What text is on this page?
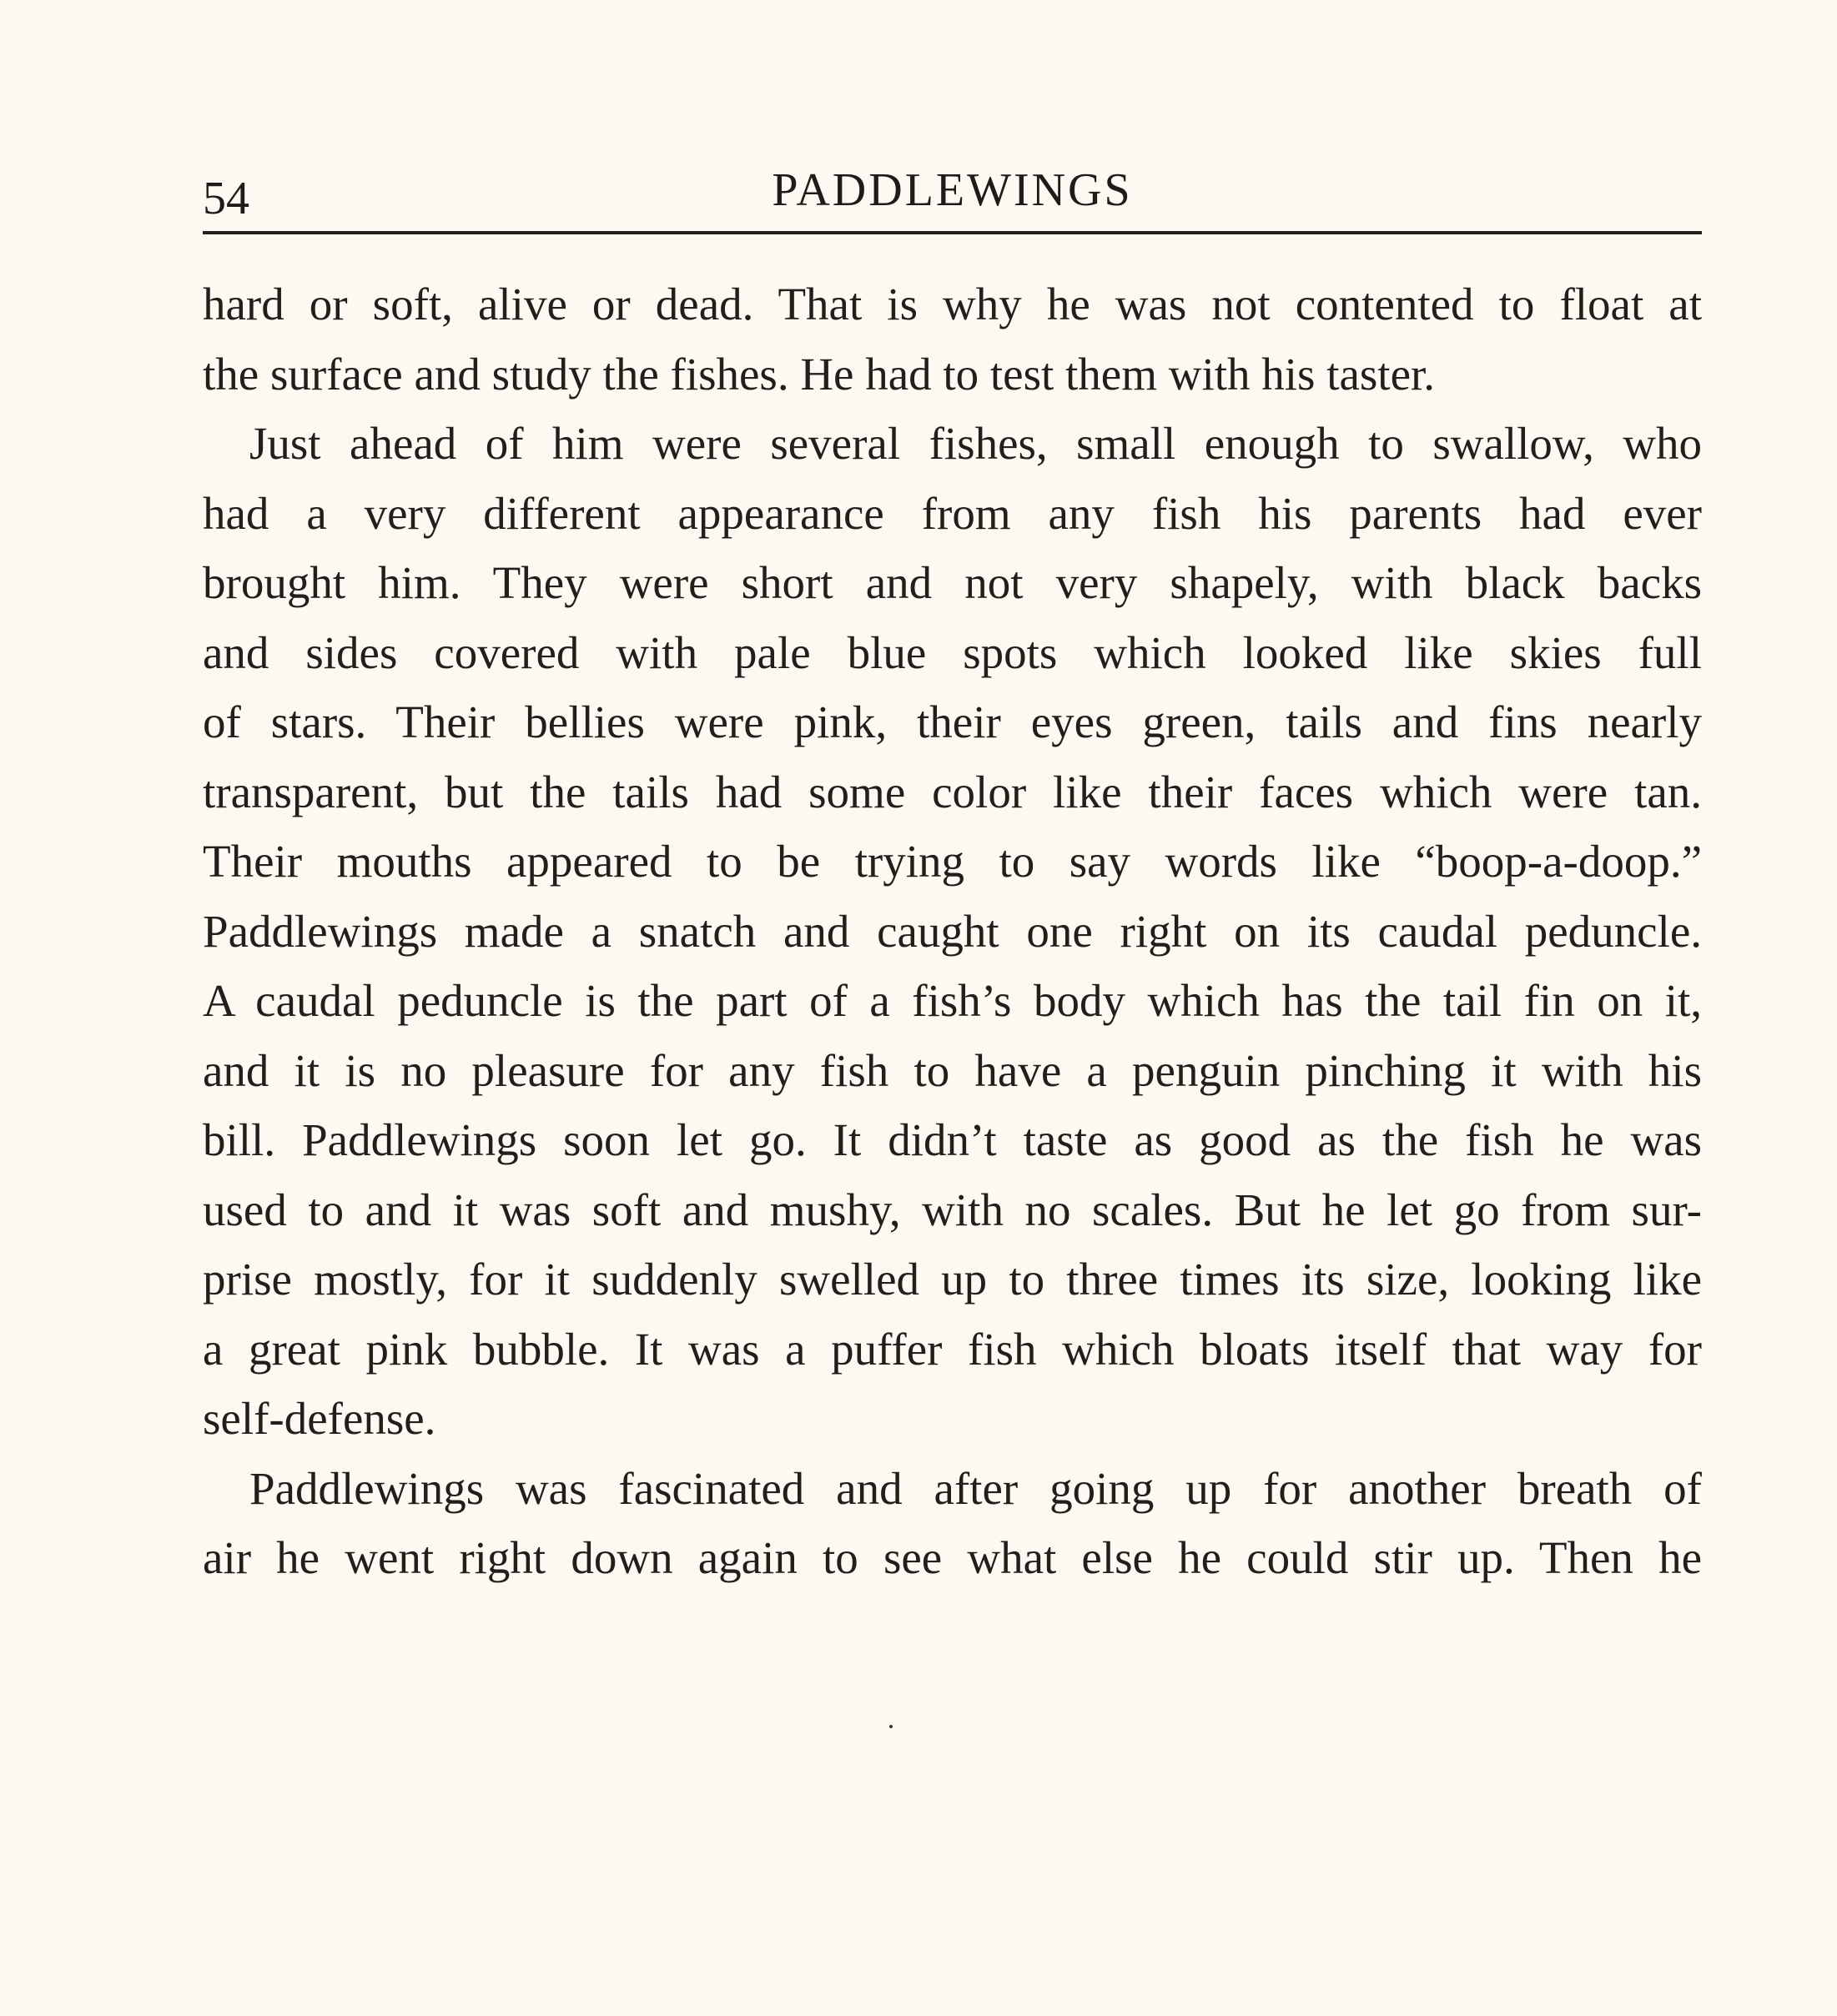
54	PADDLEWINGS
hard or soft, alive or dead. That is why he was not contented to float at
the surface and study the fishes. He had to test them with his taster.
Just ahead of him were several fishes, small enough to swallow, who
had a very different appearance from any fish his parents had ever
brought him. They were short and not very shapely, with black backs
and sides covered with pale blue spots which looked like skies full
of stars. Their bellies were pink, their eyes green, tails and fins nearly
transparent, but the tails had some color like their faces which were tan.
Their mouths appeared to be trying to say words like “boop-a-doop.”
Paddlewings made a snatch and caught one right on its caudal peduncle.
A caudal peduncle is the part of a fish’s body which has the tail fin on it,
and it is no pleasure for any fish to have a penguin pinching it with his
bill. Paddlewings soon let go. It didn’t taste as good as the fish he was
used to and it was soft and mushy, with no scales. But he let go from sur-
prise mostly, for it suddenly swelled up to three times its size, looking like
a great pink bubble. It was a puffer fish which bloats itself that way for
self-defense.
Paddlewings was fascinated and after going up for another breath of
air he went right down again to see what else he could stir up. Then he
